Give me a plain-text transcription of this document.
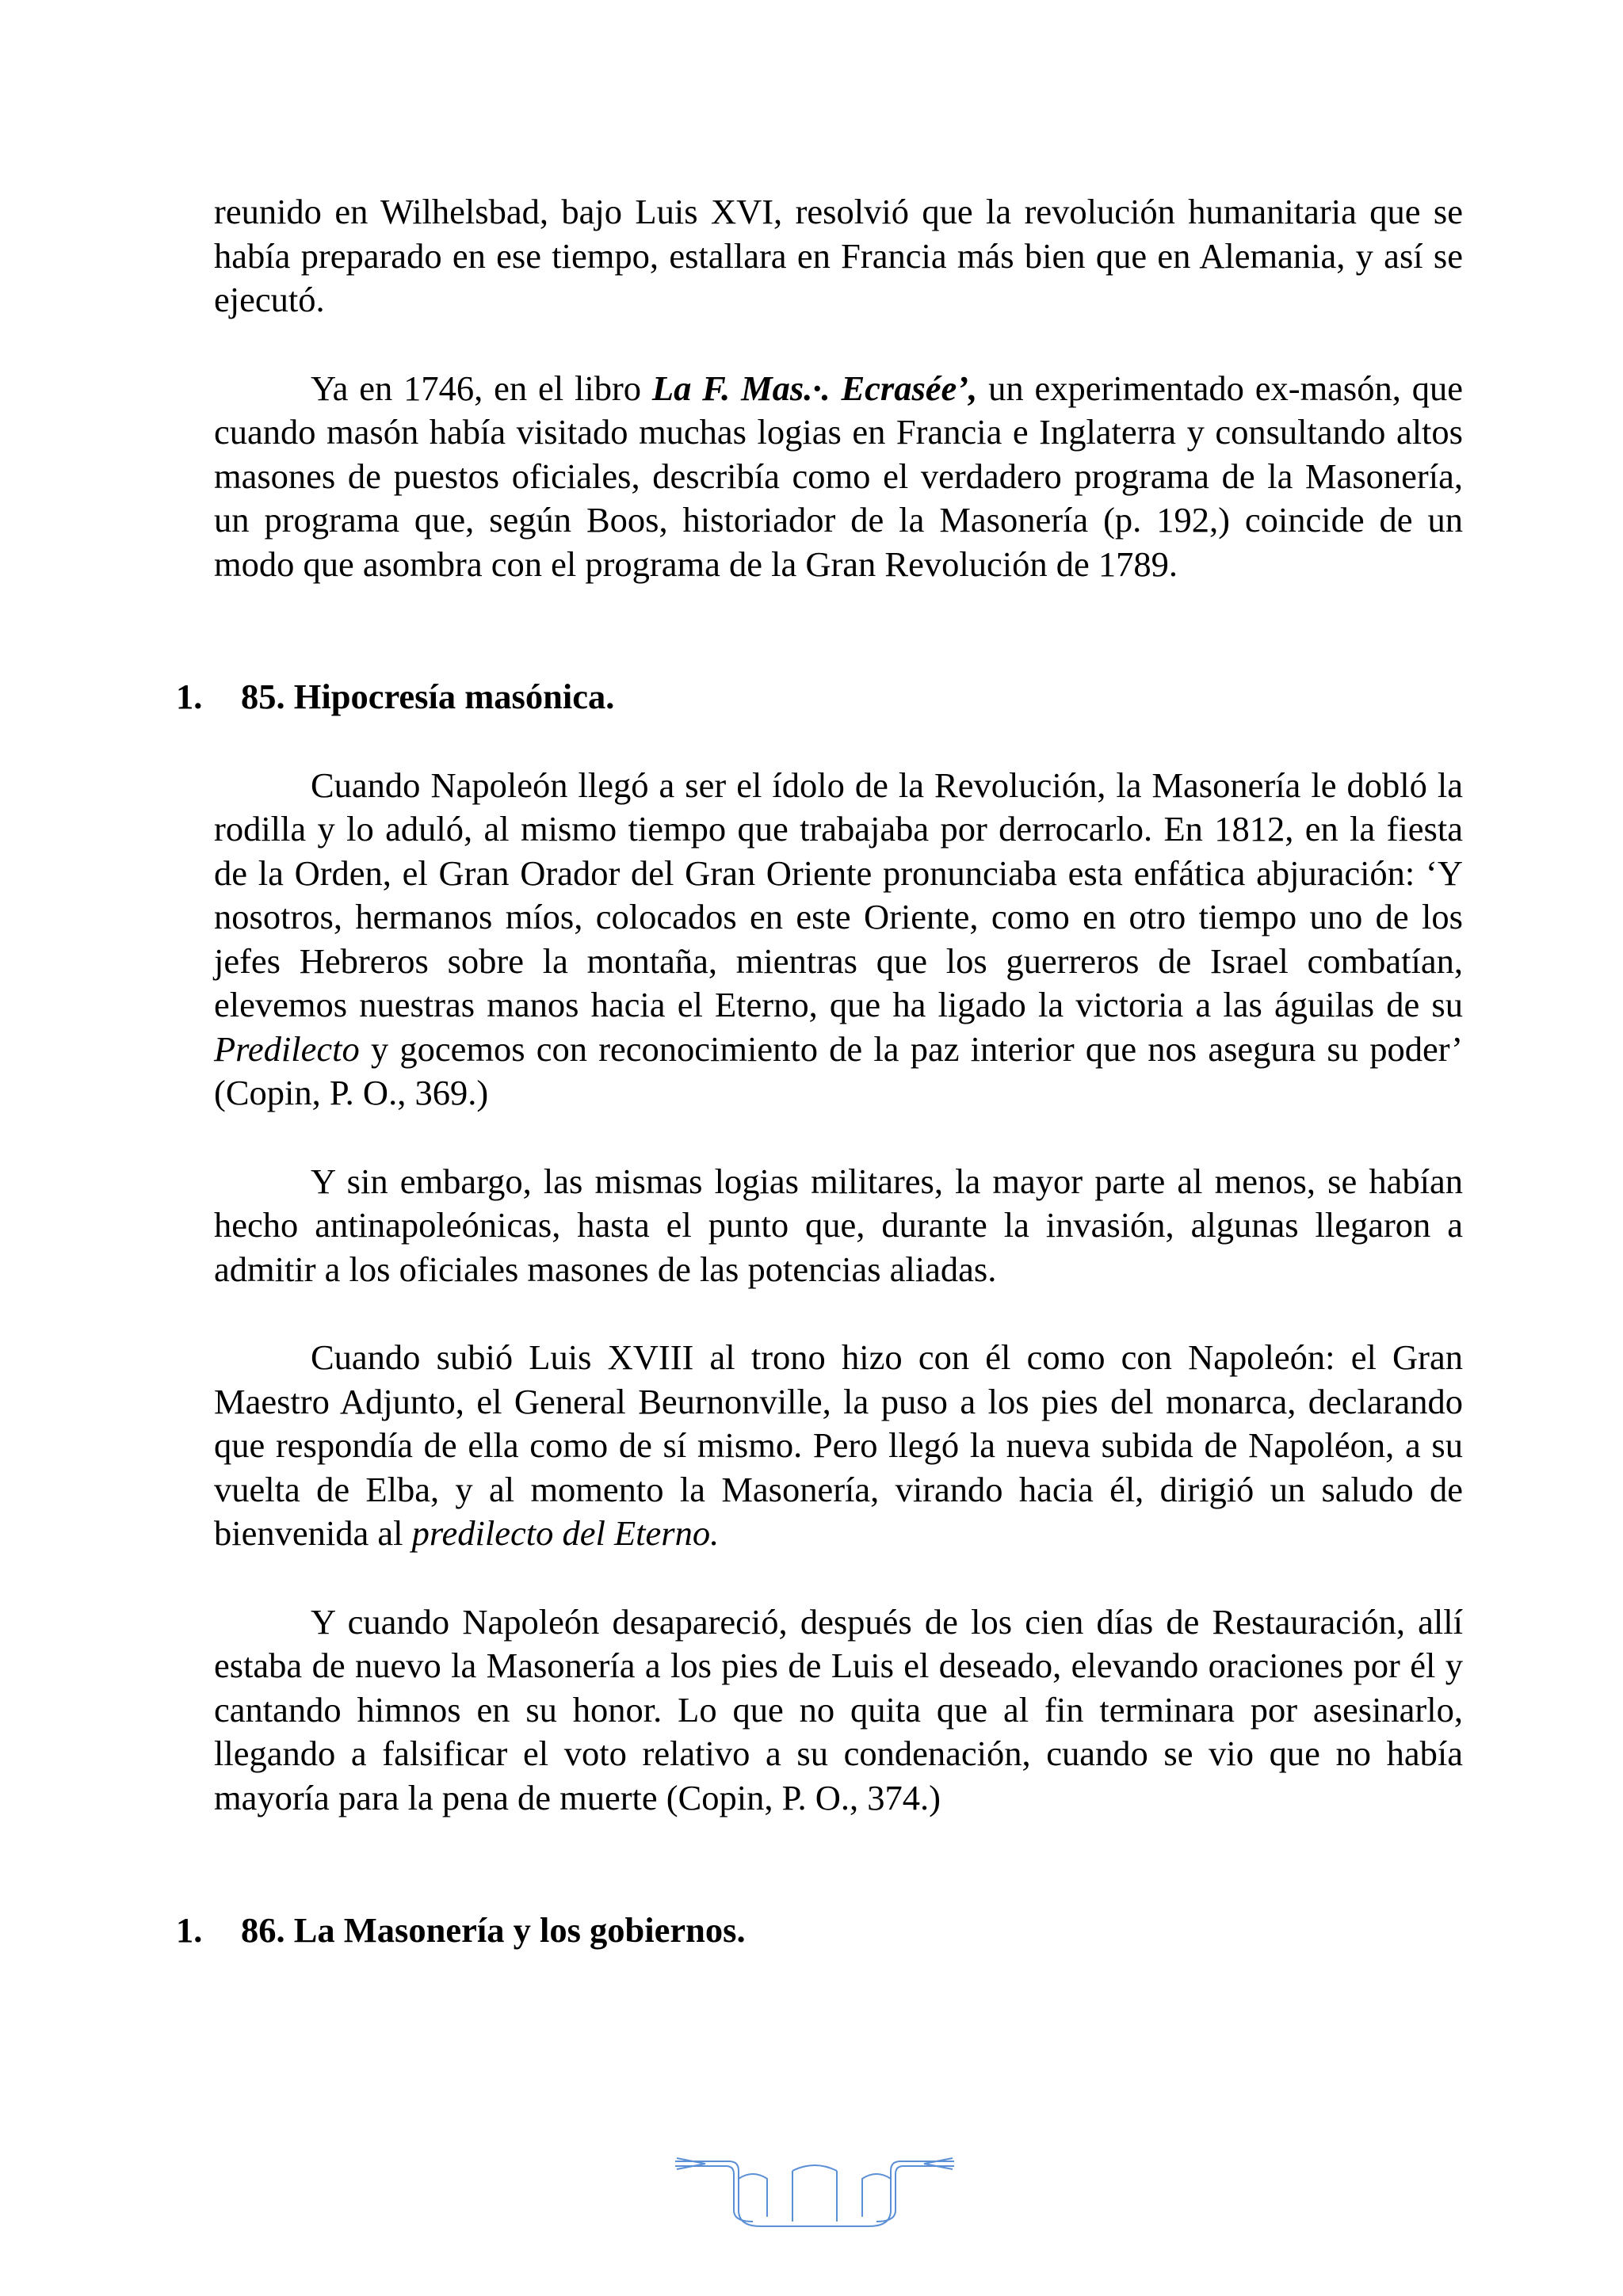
reunido en Wilhelsbad, bajo Luis XVI, resolvió que la revolución humanitaria que se había preparado en ese tiempo, estallara en Francia más bien que en Alemania, y así se ejecutó.
Ya en 1746, en el libro La F. Mas.·. Ecrasée’, un experimentado ex-masón, que cuando masón había visitado muchas logias en Francia e Inglaterra y consultando altos masones de puestos oficiales, describía como el verdadero programa de la Masonería, un programa que, según Boos, historiador de la Masonería (p. 192,) coincide de un modo que asombra con el programa de la Gran Revolución de 1789.
1. 85. Hipocresía masónica.
Cuando Napoleón llegó a ser el ídolo de la Revolución, la Masonería le dobló la rodilla y lo aduló, al mismo tiempo que trabajaba por derrocarlo. En 1812, en la fiesta de la Orden, el Gran Orador del Gran Oriente pronunciaba esta enfática abjuración: ‘Y nosotros, hermanos míos, colocados en este Oriente, como en otro tiempo uno de los jefes Hebreros sobre la montaña, mientras que los guerreros de Israel combatían, elevemos nuestras manos hacia el Eterno, que ha ligado la victoria a las águilas de su Predilecto y gocemos con reconocimiento de la paz interior que nos asegura su poder’ (Copin, P. O., 369.)
Y sin embargo, las mismas logias militares, la mayor parte al menos, se habían hecho antinapoleónicas, hasta el punto que, durante la invasión, algunas llegaron a admitir a los oficiales masones de las potencias aliadas.
Cuando subió Luis XVIII al trono hizo con él como con Napoleón: el Gran Maestro Adjunto, el General Beurnonville, la puso a los pies del monarca, declarando que respondía de ella como de sí mismo. Pero llegó la nueva subida de Napoléon, a su vuelta de Elba, y al momento la Masonería, virando hacia él, dirigió un saludo de bienvenida al predilecto del Eterno.
Y cuando Napoleón desapareció, después de los cien días de Restauración, allí estaba de nuevo la Masonería a los pies de Luis el deseado, elevando oraciones por él y cantando himnos en su honor. Lo que no quita que al fin terminara por asesinarlo, llegando a falsificar el voto relativo a su condenación, cuando se vio que no había mayoría para la pena de muerte (Copin, P. O., 374.)
1. 86. La Masonería y los gobiernos.
